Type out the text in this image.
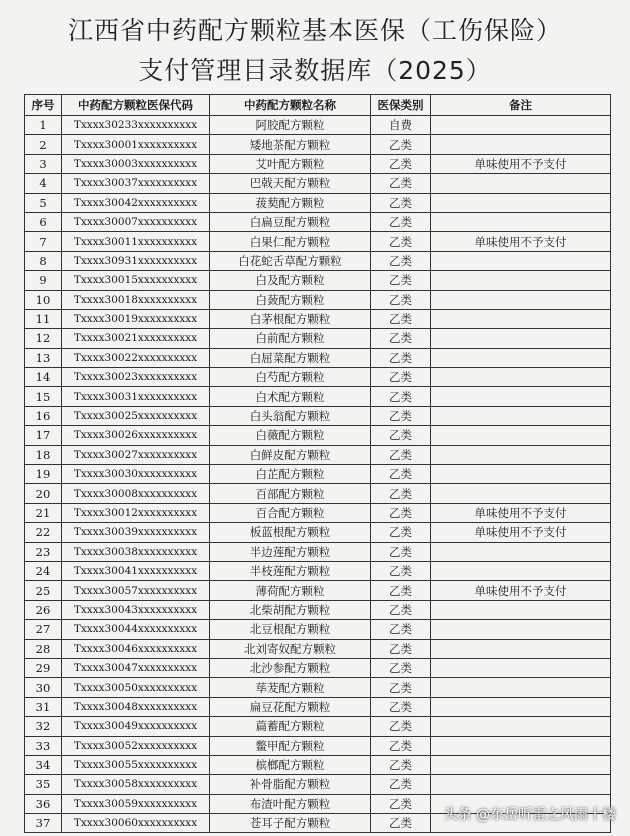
江西省中药配方颗粒基本医保（工伤保险）
支付管理目录数据库（2025）
序号	中药配方颗粒医保代码	中药配方颗粒名称	医保类别	备注
1	Txxxx30233xxxxxxxxxx	阿胶配方颗粒	自费	
2	Txxxx30001xxxxxxxxxx	矮地茶配方颗粒	乙类	
3	Txxxx30003xxxxxxxxxx	艾叶配方颗粒	乙类	单味使用不予支付
4	Txxxx30037xxxxxxxxxx	巴戟天配方颗粒	乙类	
5	Txxxx30042xxxxxxxxxx	菝葜配方颗粒	乙类	
6	Txxxx30007xxxxxxxxxx	白扁豆配方颗粒	乙类	
7	Txxxx30011xxxxxxxxxx	白果仁配方颗粒	乙类	单味使用不予支付
8	Txxxx30931xxxxxxxxxx	白花蛇舌草配方颗粒	乙类	
9	Txxxx30015xxxxxxxxxx	白及配方颗粒	乙类	
10	Txxxx30018xxxxxxxxxx	白蔹配方颗粒	乙类	
11	Txxxx30019xxxxxxxxxx	白茅根配方颗粒	乙类	
12	Txxxx30021xxxxxxxxxx	白前配方颗粒	乙类	
13	Txxxx30022xxxxxxxxxx	白屈菜配方颗粒	乙类	
14	Txxxx30023xxxxxxxxxx	白芍配方颗粒	乙类	
15	Txxxx30031xxxxxxxxxx	白术配方颗粒	乙类	
16	Txxxx30025xxxxxxxxxx	白头翁配方颗粒	乙类	
17	Txxxx30026xxxxxxxxxx	白薇配方颗粒	乙类	
18	Txxxx30027xxxxxxxxxx	白鲜皮配方颗粒	乙类	
19	Txxxx30030xxxxxxxxxx	白芷配方颗粒	乙类	
20	Txxxx30008xxxxxxxxxx	百部配方颗粒	乙类	
21	Txxxx30012xxxxxxxxxx	百合配方颗粒	乙类	单味使用不予支付
22	Txxxx30039xxxxxxxxxx	板蓝根配方颗粒	乙类	单味使用不予支付
23	Txxxx30038xxxxxxxxxx	半边莲配方颗粒	乙类	
24	Txxxx30041xxxxxxxxxx	半枝莲配方颗粒	乙类	
25	Txxxx30057xxxxxxxxxx	薄荷配方颗粒	乙类	单味使用不予支付
26	Txxxx30043xxxxxxxxxx	北柴胡配方颗粒	乙类	
27	Txxxx30044xxxxxxxxxx	北豆根配方颗粒	乙类	
28	Txxxx30046xxxxxxxxxx	北刘寄奴配方颗粒	乙类	
29	Txxxx30047xxxxxxxxxx	北沙参配方颗粒	乙类	
30	Txxxx30050xxxxxxxxxx	荜茇配方颗粒	乙类	
31	Txxxx30048xxxxxxxxxx	扁豆花配方颗粒	乙类	
32	Txxxx30049xxxxxxxxxx	萹蓄配方颗粒	乙类	
33	Txxxx30052xxxxxxxxxx	鳖甲配方颗粒	乙类	
34	Txxxx30055xxxxxxxxxx	槟榔配方颗粒	乙类	
35	Txxxx30058xxxxxxxxxx	补骨脂配方颗粒	乙类	
36	Txxxx30059xxxxxxxxxx	布渣叶配方颗粒	乙类	
37	Txxxx30060xxxxxxxxxx	苍耳子配方颗粒	乙类	
头条 @东岳听雷之风雨十楼
